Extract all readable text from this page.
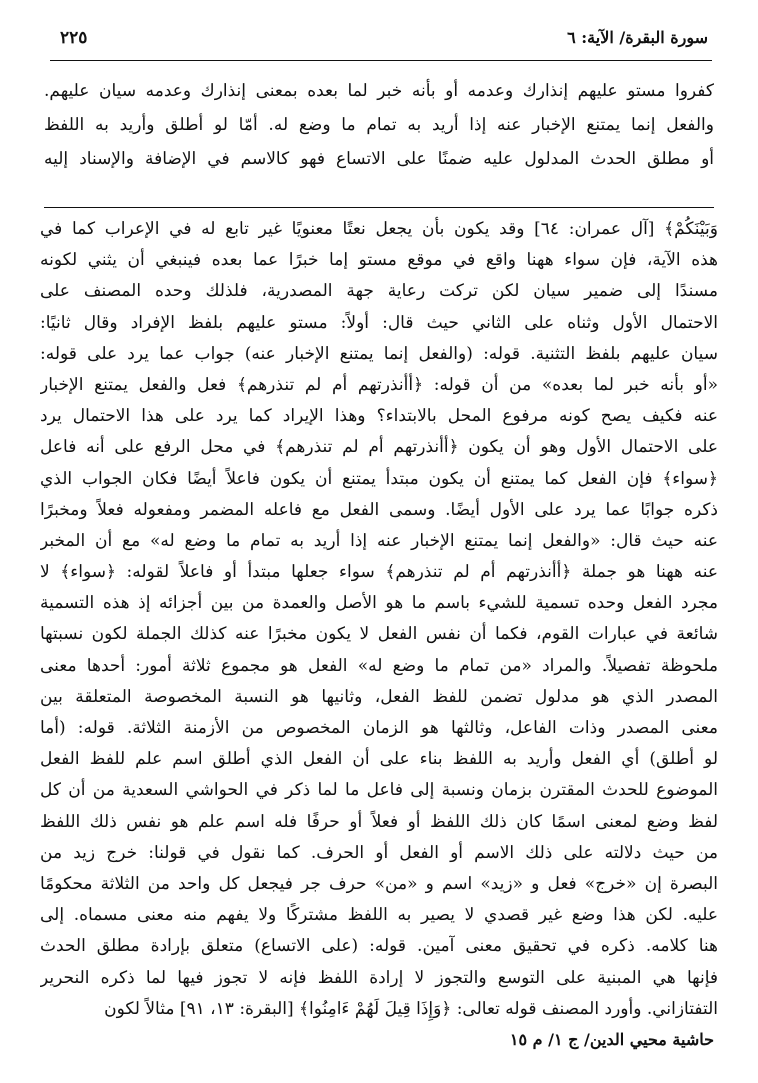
سورة البقرة/ الآية: ٦
٢٢٥

كفروا مستو عليهم إنذارك وعدمه أو بأنه خبر لما بعده بمعنى إنذارك وعدمه سيان عليهم.

والفعل إنما يمتنع الإخبار عنه إذا أريد به تمام ما وضع له. أمّا لو أطلق وأريد به اللفظ

أو مطلق الحدث المدلول عليه ضمنًا على الاتساع فهو كالاسم في الإضافة والإسناد إليه

وَبَيْنَكُمْ﴾ [آل عمران: ٦٤] وقد يكون بأن يجعل نعتًا معنويًا غير تابع له في الإعراب كما في

هذه الآية، فإن سواء ههنا واقع في موقع مستو إما خبرًا عما بعده فينبغي أن يثني لكونه

مسندًا إلى ضمير سيان لكن تركت رعاية جهة المصدرية، فلذلك وحده المصنف على

الاحتمال الأول وثناه على الثاني حيث قال: أولاً: مستو عليهم بلفظ الإفراد وقال ثانيًا:

سيان عليهم بلفظ التثنية. قوله: (والفعل إنما يمتنع الإخبار عنه) جواب عما يرد على قوله:

«أو بأنه خبر لما بعده» من أن قوله: ﴿أأنذرتهم أم لم تنذرهم﴾ فعل والفعل يمتنع الإخبار

عنه فكيف يصح كونه مرفوع المحل بالابتداء؟ وهذا الإيراد كما يرد على هذا الاحتمال يرد

على الاحتمال الأول وهو أن يكون ﴿أأنذرتهم أم لم تنذرهم﴾ في محل الرفع على أنه فاعل

﴿سواء﴾ فإن الفعل كما يمتنع أن يكون مبتدأ يمتنع أن يكون فاعلاً أيضًا فكان الجواب الذي

ذكره جوابًا عما يرد على الأول أيضًا. وسمى الفعل مع فاعله المضمر ومفعوله فعلاً ومخبرًا

عنه حيث قال: «والفعل إنما يمتنع الإخبار عنه إذا أريد به تمام ما وضع له» مع أن المخبر

عنه ههنا هو جملة ﴿أأنذرتهم أم لم تنذرهم﴾ سواء جعلها مبتدأ أو فاعلاً لقوله: ﴿سواء﴾ لا

مجرد الفعل وحده تسمية للشيء باسم ما هو الأصل والعمدة من بين أجزائه إذ هذه التسمية

شائعة في عبارات القوم، فكما أن نفس الفعل لا يكون مخبرًا عنه كذلك الجملة لكون نسبتها

ملحوظة تفصيلاً. والمراد «من تمام ما وضع له» الفعل هو مجموع ثلاثة أمور: أحدها معنى

المصدر الذي هو مدلول تضمن للفظ الفعل، وثانيها هو النسبة المخصوصة المتعلقة بين

معنى المصدر وذات الفاعل، وثالثها هو الزمان المخصوص من الأزمنة الثلاثة. قوله: (أما

لو أطلق) أي الفعل وأريد به اللفظ بناء على أن الفعل الذي أطلق اسم علم للفظ الفعل

الموضوع للحدث المقترن بزمان ونسبة إلى فاعل ما لما ذكر في الحواشي السعدية من أن كل

لفظ وضع لمعنى اسمًا كان ذلك اللفظ أو فعلاً أو حرفًا فله اسم علم هو نفس ذلك اللفظ

من حيث دلالته على ذلك الاسم أو الفعل أو الحرف. كما نقول في قولنا: خرج زيد من

البصرة إن «خرج» فعل و «زيد» اسم و «من» حرف جر فيجعل كل واحد من الثلاثة محكومًا

عليه. لكن هذا وضع غير قصدي لا يصير به اللفظ مشتركًا ولا يفهم منه معنى مسماه. إلى

هنا كلامه. ذكره في تحقيق معنى آمين. قوله: (على الاتساع) متعلق بإرادة مطلق الحدث

فإنها هي المبنية على التوسع والتجوز لا إرادة اللفظ فإنه لا تجوز فيها لما ذكره النحرير

التفتازاني. وأورد المصنف قوله تعالى: ﴿وَإِذَا قِيلَ لَهُمْ ءَامِنُوا﴾ [البقرة: ١٣، ٩١] مثالاً لكون

حاشية محيي الدين/ ج ١/ م ١٥
